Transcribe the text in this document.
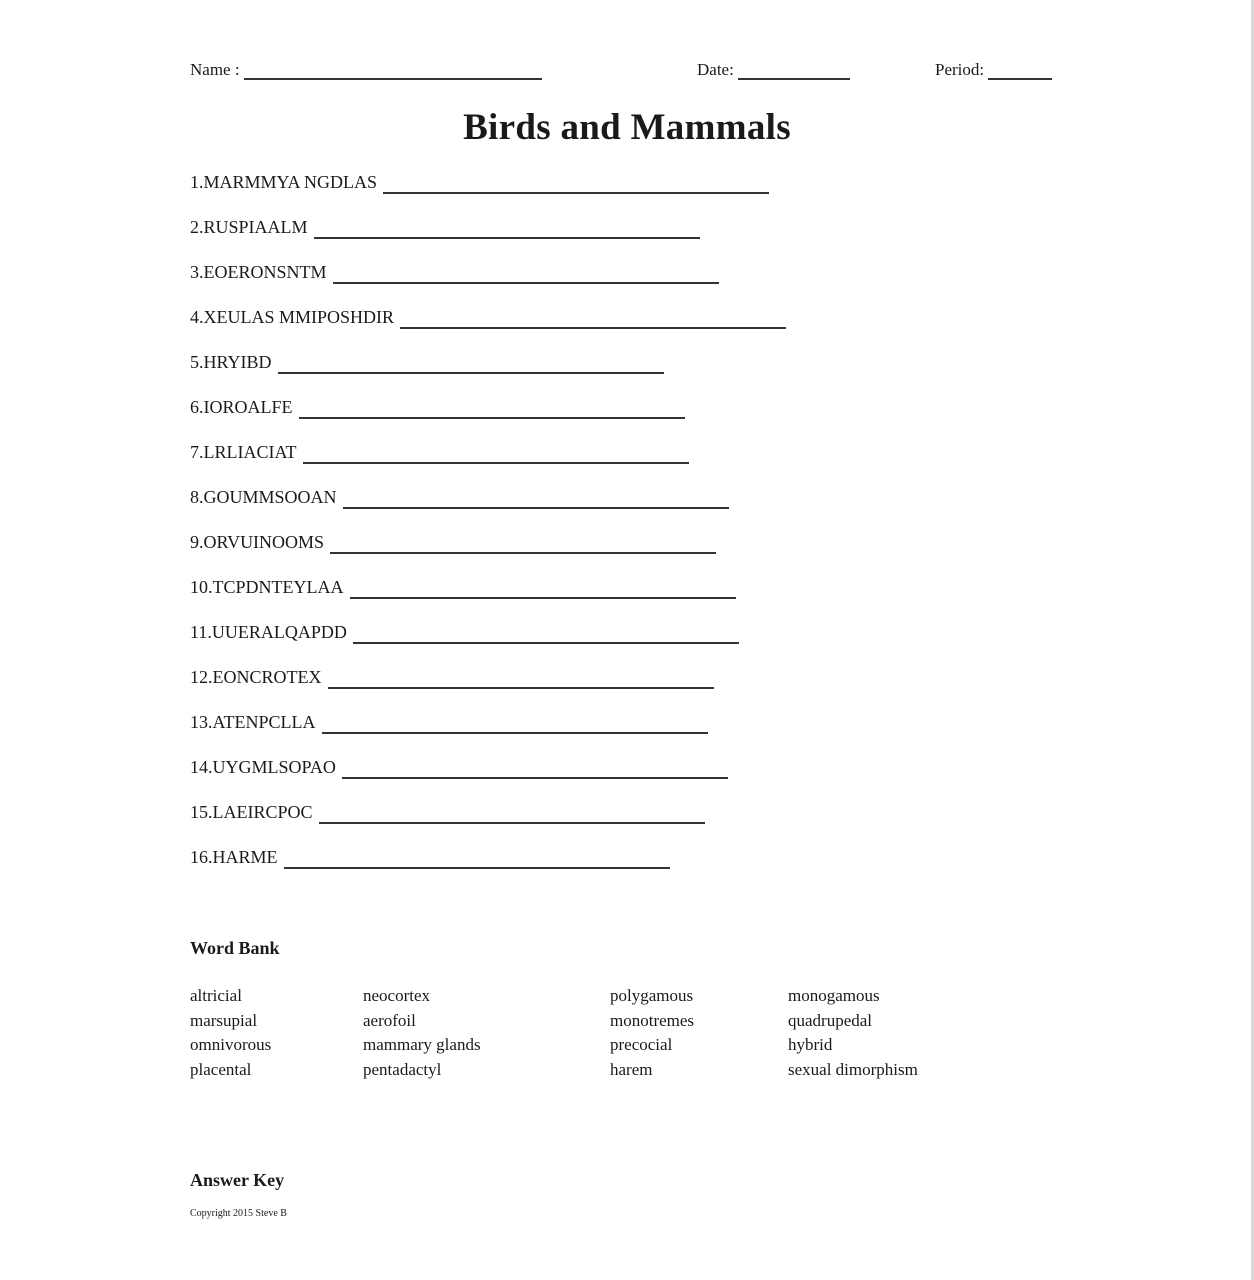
Name :	Date:	Period:
Birds and Mammals
1. MARMMYA NGDLAS
2. RUSPIAALM
3. EOERONSNTM
4. XEULAS MMIPOSHDIR
5. HRYIBD
6. IOROALFE
7. LRLIACIAT
8. GOUMMSOOAN
9. ORVUINOOMS
10. TCPDNTEYLAA
11. UUERALQAPDD
12. EONCROTEX
13. ATENPCLLA
14. UYGMLSOPAO
15. LAEIRCPOC
16. HARME
Word Bank
altricial
marsupial
omnivorous
placental
neocortex
aerofoil
mammary glands
pentadactyl
polygamous
monotremes
precocial
harem
monogamous
quadrupedal
hybrid
sexual dimorphism
Answer Key
Copyright 2015 Steve B
